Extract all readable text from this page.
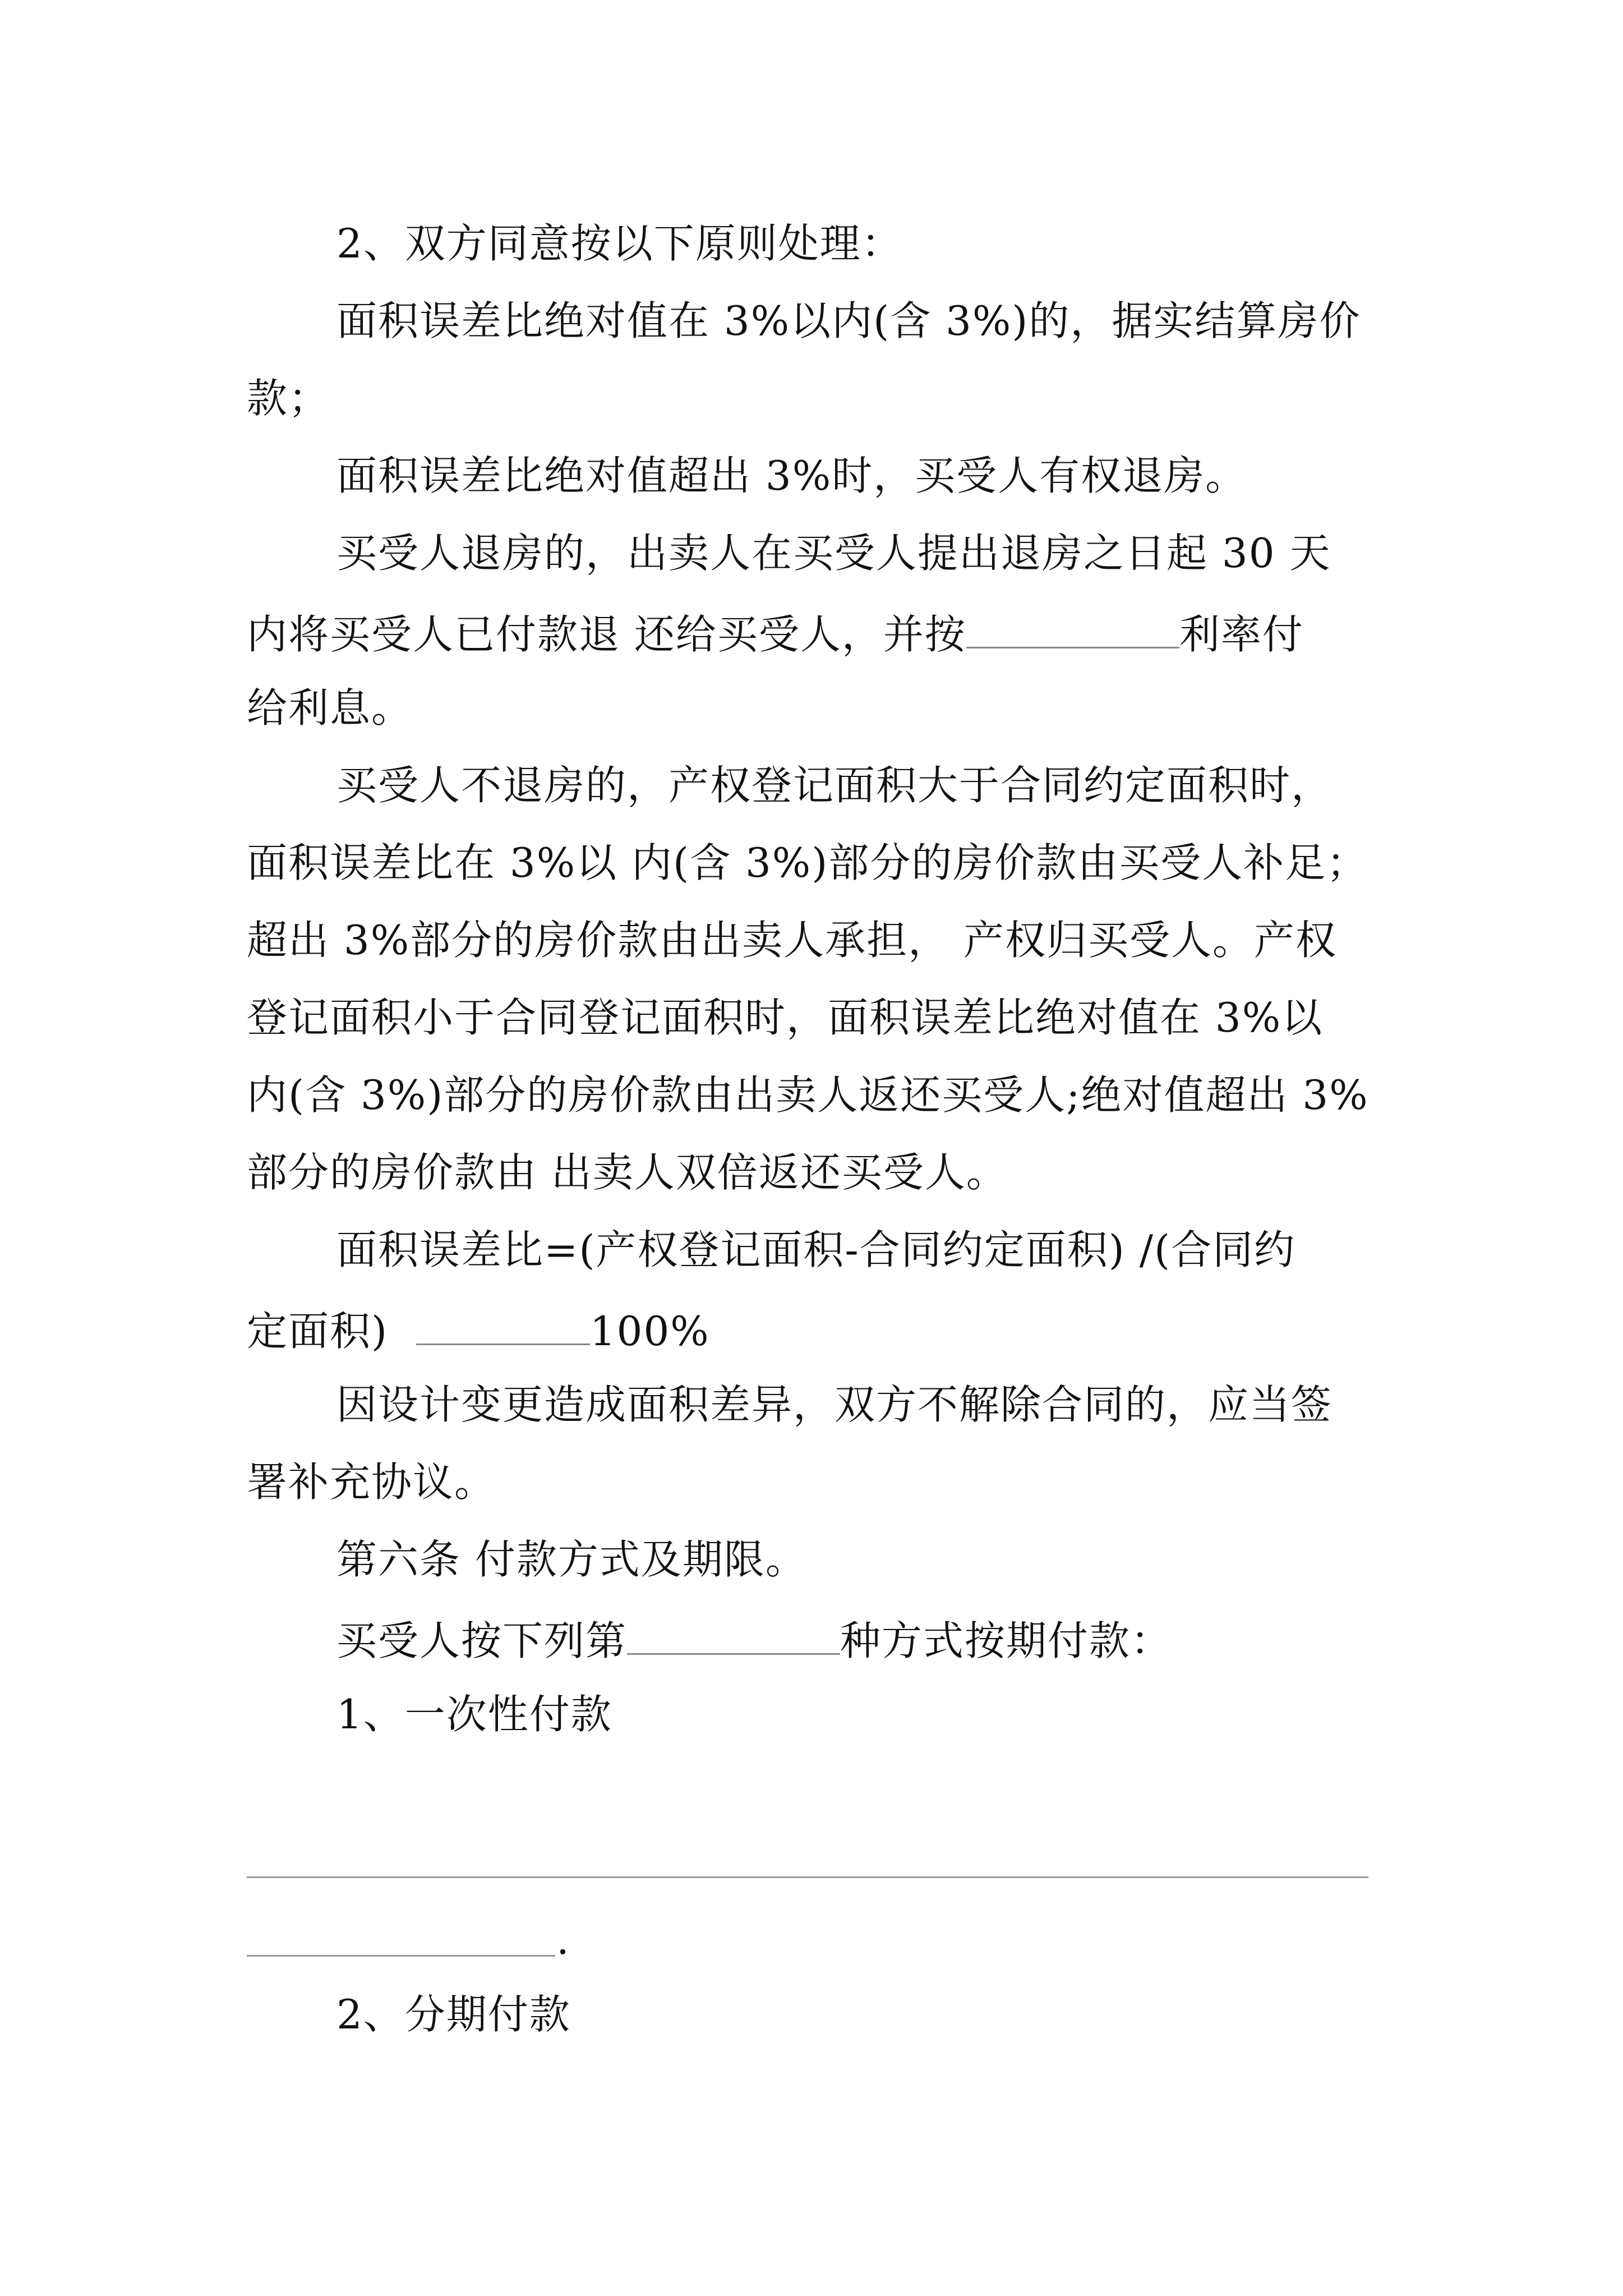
2、双方同意按以下原则处理：
面积误差比绝对值在 3%以内(含 3%)的，据实结算房价
款；
面积误差比绝对值超出 3%时，买受人有权退房。
买受人退房的，出卖人在买受人提出退房之日起 30 天
内将买受人已付款退 还给买受人，并按	利率付
给利息。
买受人不退房的，产权登记面积大于合同约定面积时，
面积误差比在 3%以 内(含 3%)部分的房价款由买受人补足；
超出 3%部分的房价款由出卖人承担， 产权归买受人。产权
登记面积小于合同登记面积时，面积误差比绝对值在 3%以
内(含 3%)部分的房价款由出卖人返还买受人;绝对值超出 3%
部分的房价款由 出卖人双倍返还买受人。
面积误差比=(产权登记面积-合同约定面积) /(合同约
定面积)	100%
因设计变更造成面积差异，双方不解除合同的，应当签
署补充协议。
第六条 付款方式及期限。
买受人按下列第	种方式按期付款：
1、一次性付款
.
2、分期付款
